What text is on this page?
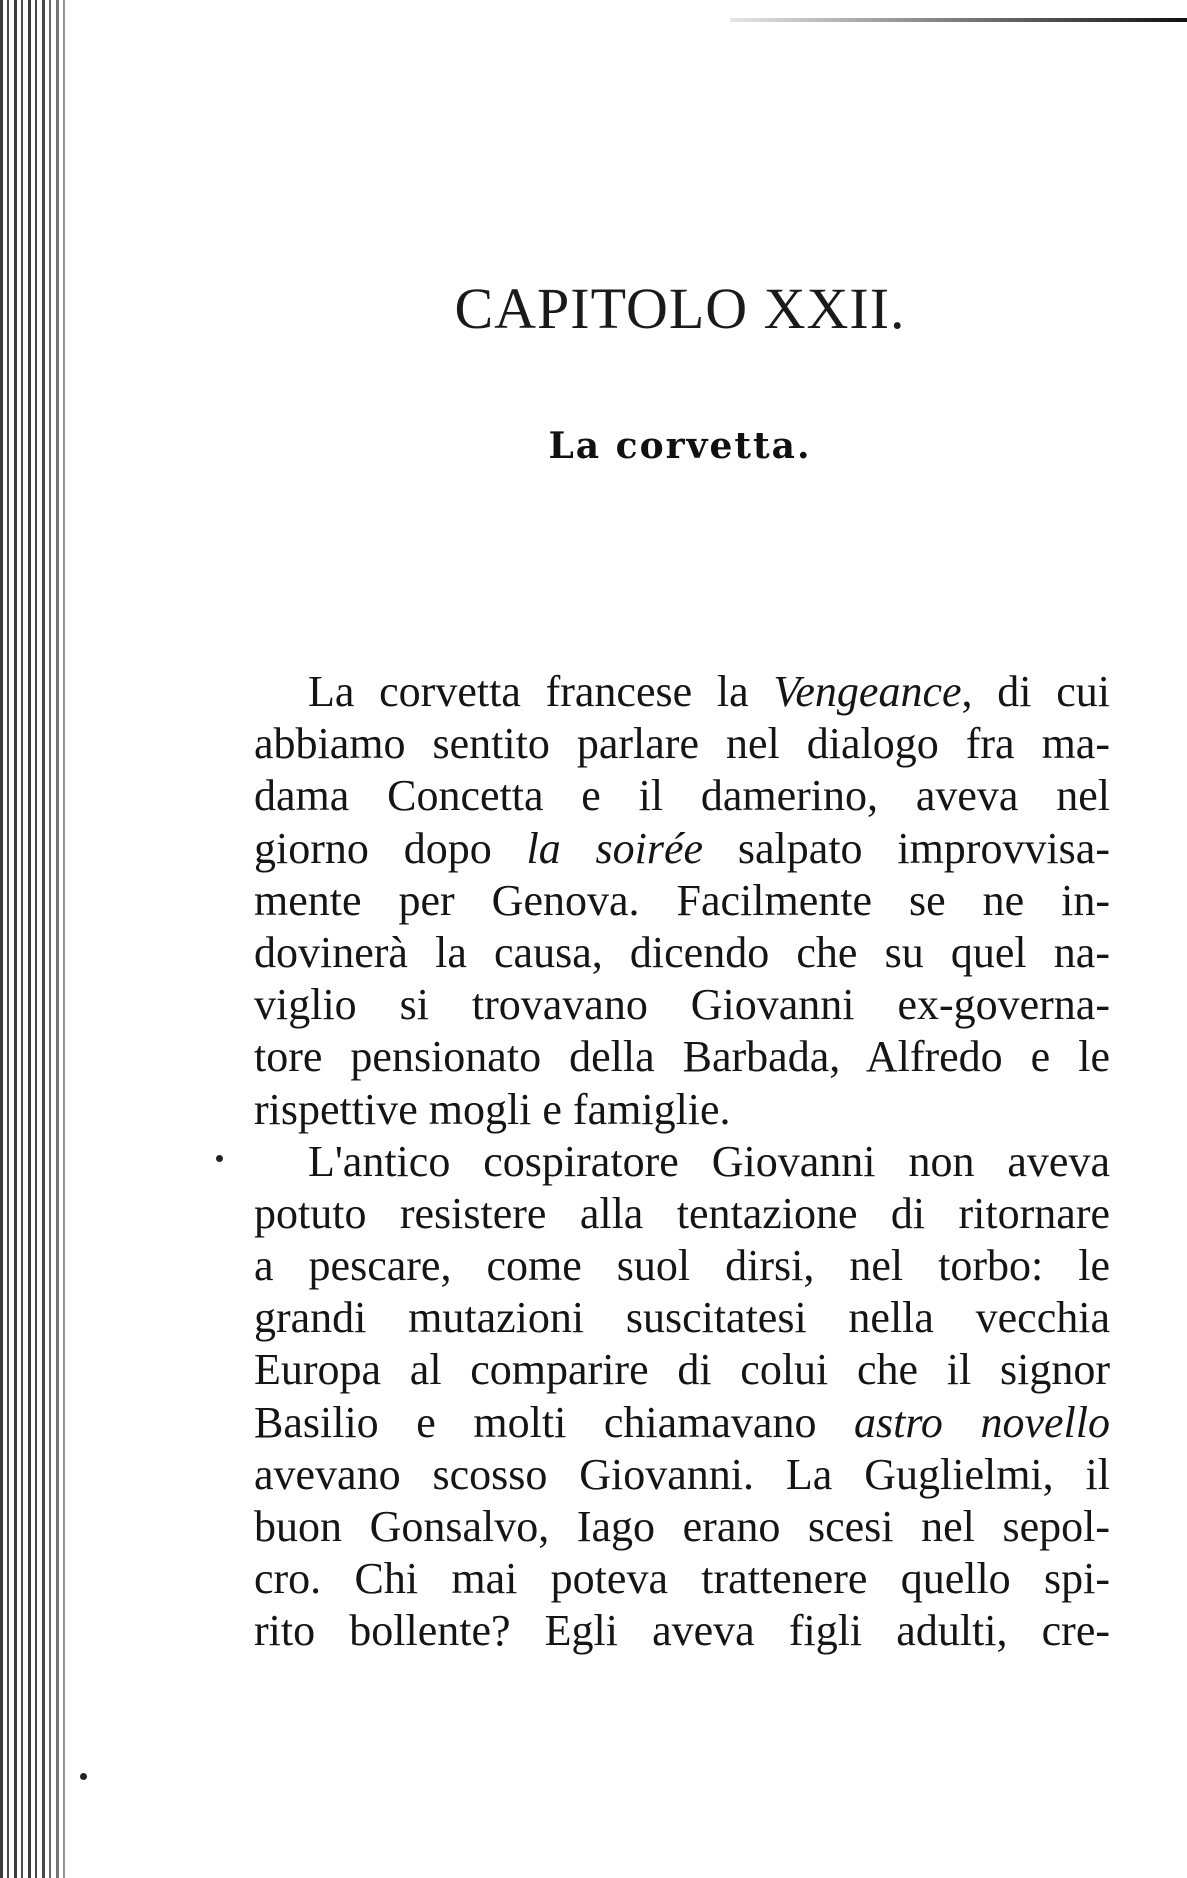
CAPITOLO XXII.
La corvetta.
La corvetta francese la Vengeance, di cui
abbiamo sentito parlare nel dialogo fra ma-
dama Concetta e il damerino, aveva nel
giorno dopo la soirée salpato improvvisa-
mente per Genova. Facilmente se ne in-
dovinerà la causa, dicendo che su quel na-
viglio si trovavano Giovanni ex-governa-
tore pensionato della Barbada, Alfredo e le
rispettive mogli e famiglie.
L'antico cospiratore Giovanni non aveva
potuto resistere alla tentazione di ritornare
a pescare, come suol dirsi, nel torbo: le
grandi mutazioni suscitatesi nella vecchia
Europa al comparire di colui che il signor
Basilio e molti chiamavano astro novello
avevano scosso Giovanni. La Guglielmi, il
buon Gonsalvo, Iago erano scesi nel sepol-
cro. Chi mai poteva trattenere quello spi-
rito bollente? Egli aveva figli adulti, cre-
